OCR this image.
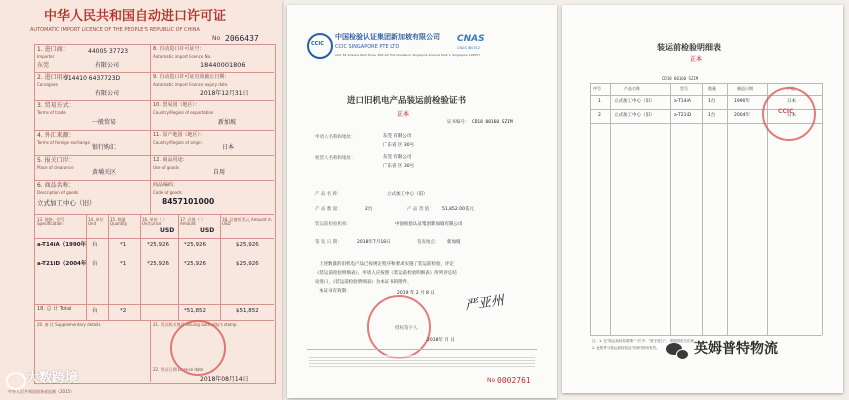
中华人民共和国自动进口许可证
AUTOMATIC IMPORT LICENCE OF THE PEOPLE'S REPUBLIC OF CHINA
No 2066437
1. 进口商：
Importer
44005 37723
东莞	有限公司
2. 进口用户：
Consignee
914410 6437723D
有限公司
3. 贸易方式：
Terms of trade
一般贸易
4. 外汇来源：
Terms of foreign exchange
银行购汇
5. 报关口岸：
Place of clearance
黄埔关区
6. 商品名称：
Description of goods
立式加工中心（旧）
8. 自动进口许可证号：
Automatic import licence No.
18440001806
9. 自动进口许可证有效截止日期：
Automatic import licence expiry date
2018年12月31日
10. 贸易国（地区）：
Country/Region of exportation
新加坡
11. 原产地国（地区）：
Country/Region of origin
日本
12. 商品用途：
Use of goods
自用
商品编码：
Code of goods
8457101000
13. 规格、型号 Specification
14. 单位 Unit
15. 数量 Quantity
16. 单价（ ） Unit price
17. 总值（ ） Amount
18. 总值折美元 Amount in USD
USD	USD
a-T14iA（1990年 台	*1	*25,926	*25,926	$25,926
a-T21iD（2004年 台	*1	*25,926	*25,926	$25,926
18. 总 计 Total	台	*2	*51,852	$51,852
20. 备 注 Supplementary details	21. 发证机关签章 Issuing authority's stamp
22. 发证日期 Licence date
2018年08月14日
中华人民共和国商务部监制（2015）
大数跨境
CCIC
中国检验认证集团新加坡有限公司
CCIC SINGAPORE PTE LTD
CNAS
CNAS IB0312
Add: 81 Science Park Drive, #01-02 The Chadwick, Singapore Science Park 1, Singapore 118257
进口旧机电产品装运前检验证书
正本
证书编号： CD18 00160 SZIM
申请人名称和地址：	东莞 有限公司
广东省 区 30号
收货人名称和地址：	东莞 有限公司
广东省 区 30号
产 品 名 称：	立式加工中心（旧）
产 品 数 量：	2台	产 品 货 值： 51,852.00美元
装运前检验机构：	中国检验认证集团新加坡有限公司
签 发 日 期：	2018年7月18日	签发地点： 新加坡
上述数量的旧机电产品已按规定程序和要求实施了装运前检验，评定
《装运前检验明细表》，申请人应按照《装运前检验明细表》所列评定结
论进口，《装运前检验明细表》为本证书的附件，
本证书有效期：	2019 年 2 月 8 日 严亚州
授权签字人：
2018年 月 日
No 0002761
装运前检验明细表
正本
CD18 00160 SZIM
序号	产品名称	型号	数量	制造日期	产地
1	立式加工中心（旧）	a-T14iA	1台	1990年	日本
2	立式加工中心（旧）	a-T21iD	1台	2004年	日本
CCIC
注：1. 在"装运前检验明细"一栏中："准予进口"，须按照有关法规...
2. 此附件与装运前检验证书同时使用有效。 英姆普特物流
